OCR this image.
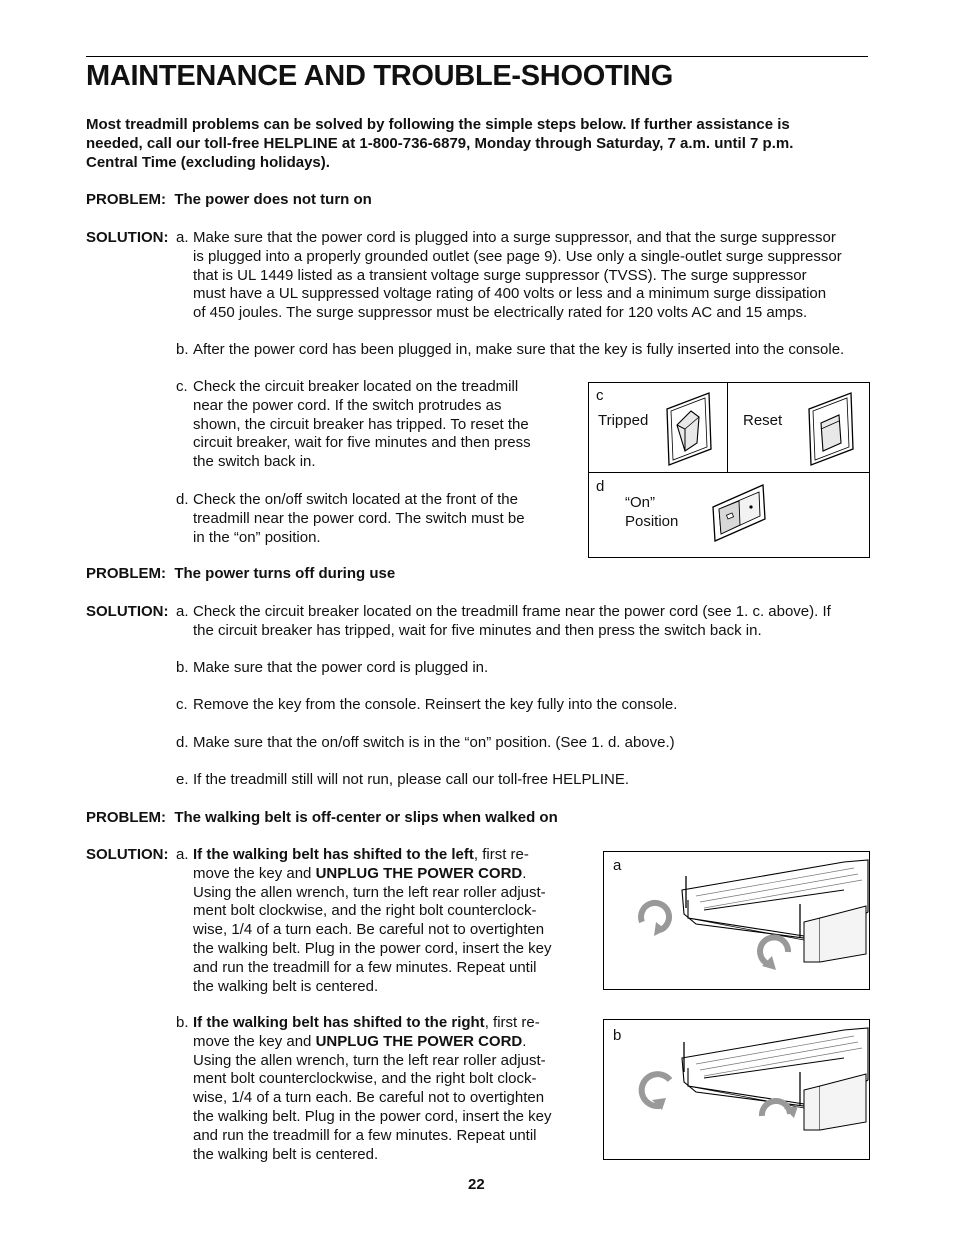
MAINTENANCE AND TROUBLE-SHOOTING

Most treadmill problems can be solved by following the simple steps below. If further assistance is

needed, call our toll-free HELPLINE at 1-800-736-6879, Monday through Saturday, 7 a.m. until 7 p.m.

Central Time (excluding holidays).

PROBLEM: The power does not turn on
SOLUTION: a. Make sure that the power cord is plugged into a surge suppressor, and that the surge suppressor

is plugged into a properly grounded outlet (see page 9). Use only a single-outlet surge suppressor

that is UL 1449 listed as a transient voltage surge suppressor (TVSS). The surge suppressor

must have a UL suppressed voltage rating of 400 volts or less and a minimum surge dissipation

of 450 joules. The surge suppressor must be electrically rated for 120 volts AC and 15 amps.

b. After the power cord has been plugged in, make sure that the key is fully inserted into the console.

c. Check the circuit breaker located on the treadmill

near the power cord. If the switch protrudes as

shown, the circuit breaker has tripped. To reset the

circuit breaker, wait for five minutes and then press

the switch back in.

d. Check the on/off switch located at the front of the

treadmill near the power cord. The switch must be

in the “on” position.

c
Tripped	Reset
d
“On”
Position
PROBLEM: The power turns off during use
SOLUTION: a. Check the circuit breaker located on the treadmill frame near the power cord (see 1. c. above). If

the circuit breaker has tripped, wait for five minutes and then press the switch back in.

b. Make sure that the power cord is plugged in.

c. Remove the key from the console. Reinsert the key fully into the console.

d. Make sure that the on/off switch is in the “on” position. (See 1. d. above.)

e. If the treadmill still will not run, please call our toll-free HELPLINE.

PROBLEM: The walking belt is off-center or slips when walked on
SOLUTION: a. If the walking belt has shifted to the left, first re-

move the key and UNPLUG THE POWER CORD.

Using the allen wrench, turn the left rear roller adjust-

ment bolt clockwise, and the right bolt counterclock-

wise, 1/4 of a turn each. Be careful not to overtighten

the walking belt. Plug in the power cord, insert the key

and run the treadmill for a few minutes. Repeat until

the walking belt is centered.

b. If the walking belt has shifted to the right, first re-

move the key and UNPLUG THE POWER CORD.

Using the allen wrench, turn the left rear roller adjust-

ment bolt counterclockwise, and the right bolt clock-

wise, 1/4 of a turn each. Be careful not to overtighten

the walking belt. Plug in the power cord, insert the key

and run the treadmill for a few minutes. Repeat until

the walking belt is centered.

a
b
22
